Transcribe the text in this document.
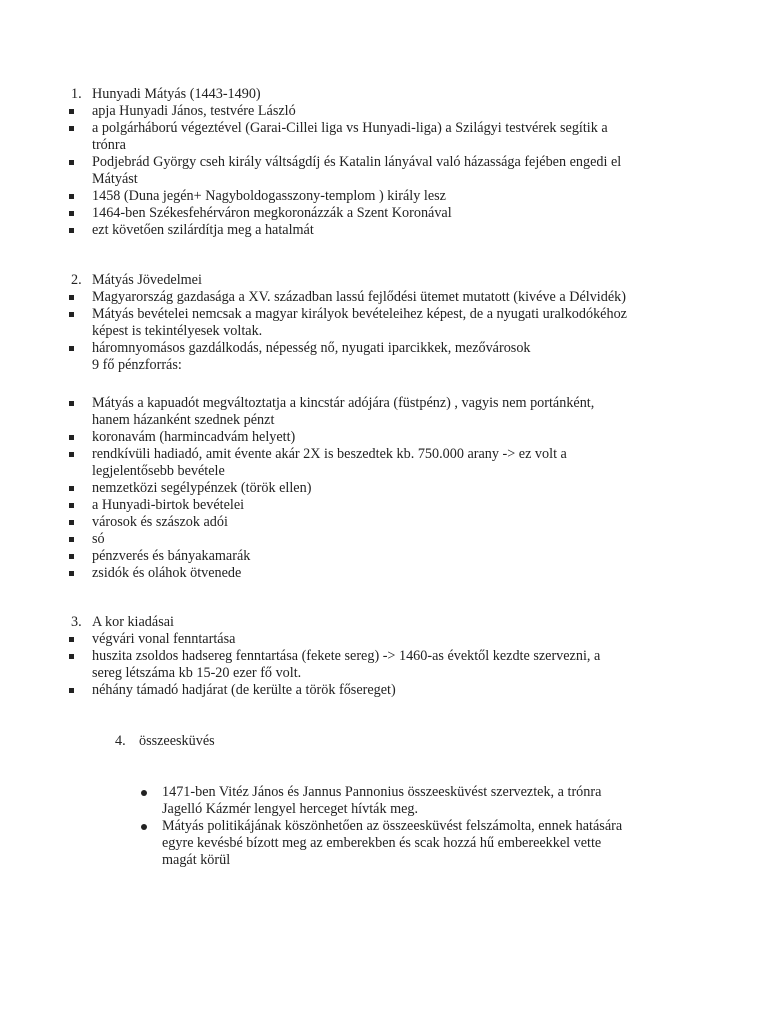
1. Hunyadi Mátyás (1443-1490)
apja Hunyadi János, testvére László
a polgárháború végeztével (Garai-Cillei liga vs Hunyadi-liga) a Szilágyi testvérek segítik a
trónra
Podjebrád György cseh király váltságdíj és Katalin lányával való házassága fejében engedi el
Mátyást
1458 (Duna jegén+ Nagyboldogasszony-templom ) király lesz
1464-ben Székesfehérváron megkoronázzák a Szent Koronával
ezt követően szilárdítja meg a hatalmát
2. Mátyás Jövedelmei
Magyarország gazdasága a XV. században lassú fejlődési ütemet mutatott (kivéve a Délvidék)
Mátyás bevételei nemcsak a magyar királyok bevételeihez képest, de a nyugati uralkodókéhoz
képest is tekintélyesek voltak.
háromnyomásos gazdálkodás, népesség nő, nyugati iparcikkek, mezővárosok
9 fő pénzforrás:
Mátyás a kapuadót megváltoztatja a kincstár adójára (füstpénz) , vagyis nem portánként,
hanem házanként szednek pénzt
koronavám (harmincadvám helyett)
rendkívüli hadiadó, amit évente akár 2X is beszedtek kb. 750.000 arany -> ez volt a
legjelentősebb bevétele
nemzetközi segélypénzek (török ellen)
a Hunyadi-birtok bevételei
városok és szászok adói
só
pénzverés és bányakamarák
zsidók és oláhok ötvenede
3. A kor kiadásai
végvári vonal fenntartása
huszita zsoldos hadsereg fenntartása (fekete sereg) -> 1460-as évektől kezdte szervezni, a
sereg létszáma kb 15-20 ezer fő volt.
néhány támadó hadjárat (de kerülte a török fősereget)
4. összeesküvés
1471-ben Vitéz János és Jannus Pannonius összeesküvést szerveztek, a trónra
Jagelló Kázmér lengyel herceget hívták meg.
Mátyás politikájának köszönhetően az összeesküvést felszámolta, ennek hatására
egyre kevésbé bízott meg az emberekben és scak hozzá hű embereekkel vette
magát körül
